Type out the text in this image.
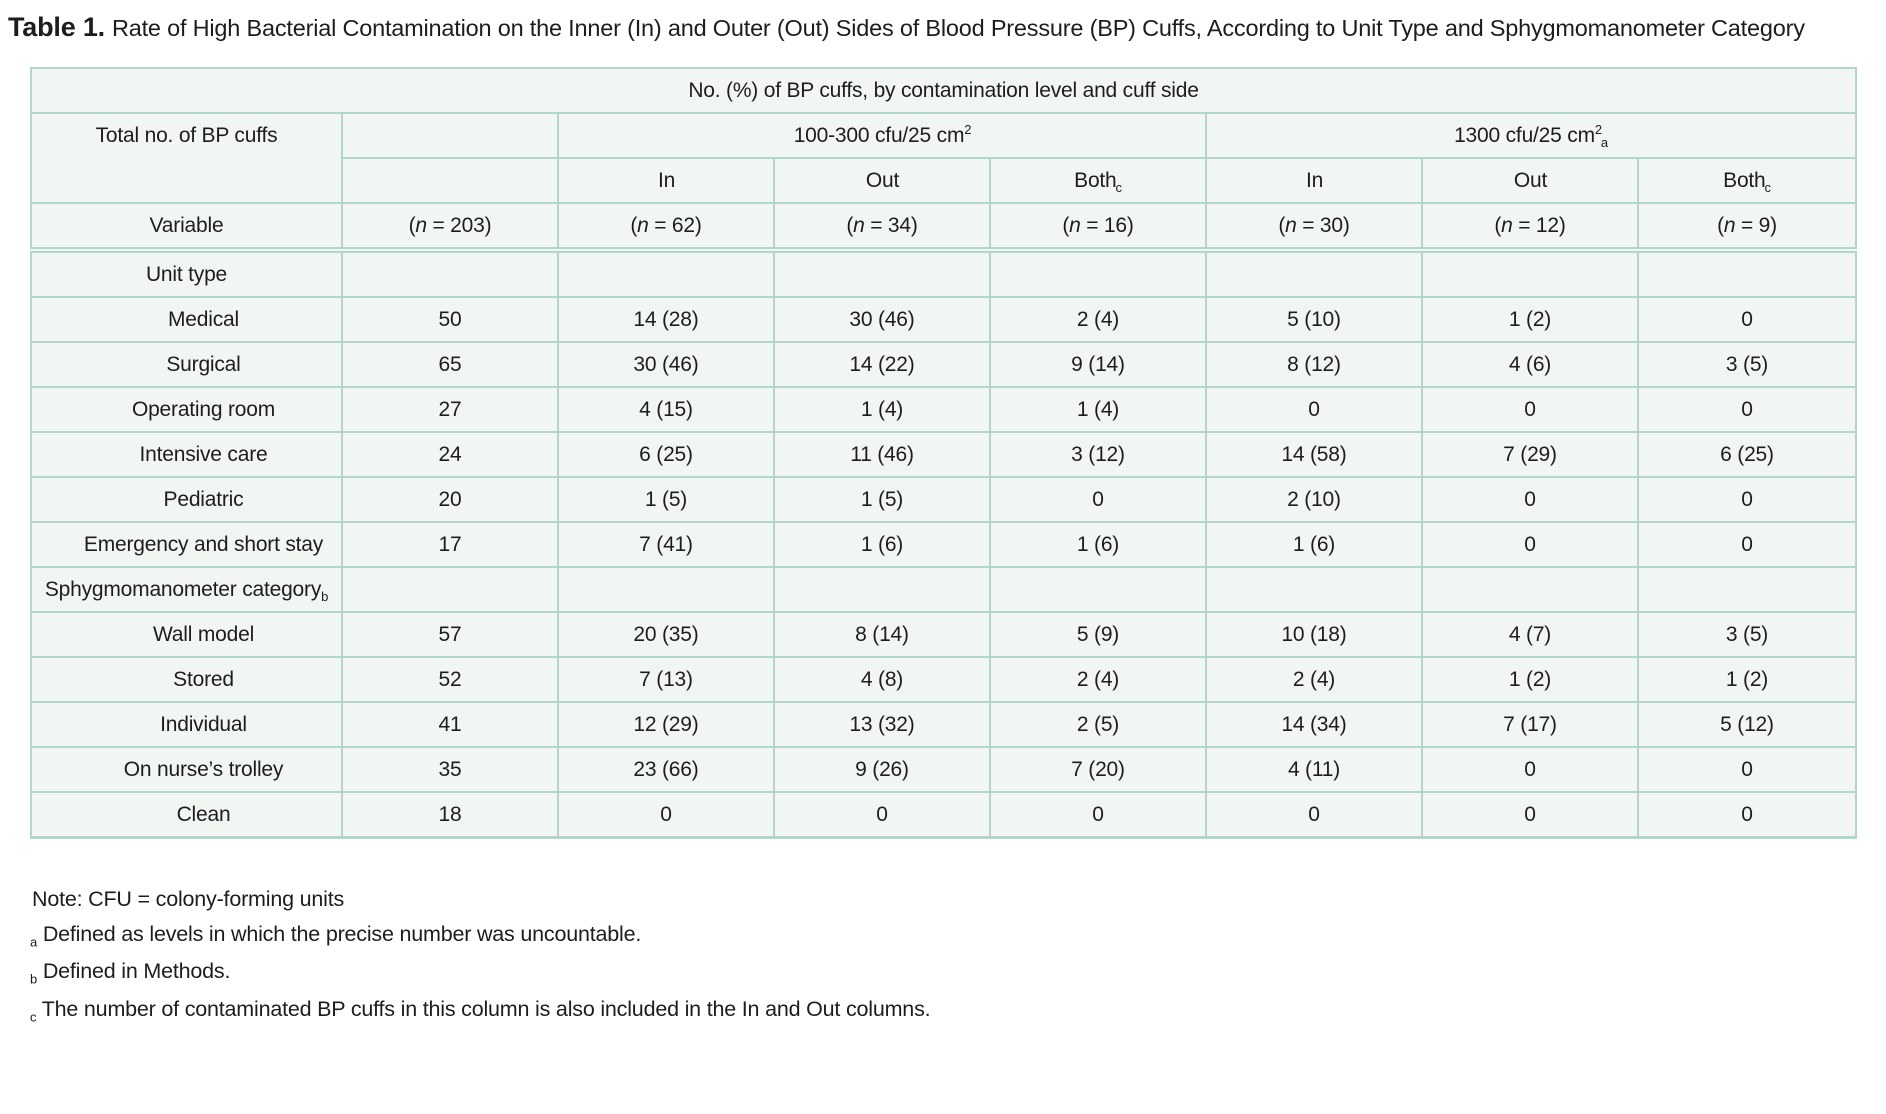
Table 1. Rate of High Bacterial Contamination on the Inner (In) and Outer (Out) Sides of Blood Pressure (BP) Cuffs, According to Unit Type and Sphygmomanometer Category
No. (%) of BP cuffs, by contamination level and cuff side							
Total no. of BP cuffs		100-300 cfu/25 $cm^2$			1300 cfu/25 $cm^2_a$
		In	Out	Both$_c$	In	Out	Both$_c$
Variable	(n = 203)	(n = 62)	(n = 34)	(n = 16)	(n = 30)	(n = 12)	(n = 9)
Unit type							
Medical	50	14 (28)	30 (46)	2 (4)	5 (10)	1 (2)	0
Surgical	65	30 (46)	14 (22)	9 (14)	8 (12)	4 (6)	3 (5)
Operating room	27	4 (15)	1 (4)	1 (4)	0	0	0
Intensive care	24	6 (25)	11 (46)	3 (12)	14 (58)	7 (29)	6 (25)
Pediatric	20	1 (5)	1 (5)	0	2 (10)	0	0
Emergency and short stay	17	7 (41)	1 (6)	1 (6)	1 (6)	0	0
Sphygmomanometer category$_b$							
Wall model	57	20 (35)	8 (14)	5 (9)	10 (18)	4 (7)	3 (5)
Stored	52	7 (13)	4 (8)	2 (4)	2 (4)	1 (2)	1 (2)
Individual	41	12 (29)	13 (32)	2 (5)	14 (34)	7 (17)	5 (12)
On nurse’s trolley	35	23 (66)	9 (26)	7 (20)	4 (11)	0	0
Clean	18	0	0	0	0	0	0

Note: CFU = colony-forming units

$_a$ Defined as levels in which the precise number was uncountable.

$_b$ Defined in Methods.

$_c$ The number of contaminated BP cuffs in this column is also included in the In and Out columns.
